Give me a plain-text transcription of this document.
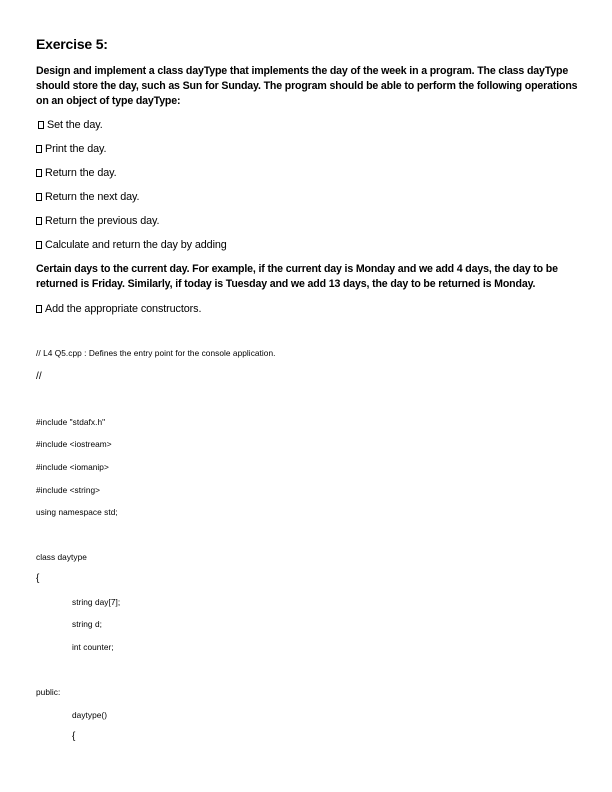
Exercise 5:
Design and implement a class dayType that implements the day of the week in a program. The class dayType should store the day, such as Sun for Sunday. The program should be able to perform the following operations on an object of type dayType:
Set the day.
Print the day.
Return the day.
Return the next day.
Return the previous day.
Calculate and return the day by adding
Certain days to the current day. For example, if the current day is Monday and we add 4 days, the day to be returned is Friday. Similarly, if today is Tuesday and we add 13 days, the day to be returned is Monday.
Add the appropriate constructors.
// L4 Q5.cpp : Defines the entry point for the console application.
//
#include "stdafx.h"
#include <iostream>
#include <iomanip>
#include <string>
using namespace std;
class daytype
{
string day[7];
string d;
int counter;
public:
daytype()
{
